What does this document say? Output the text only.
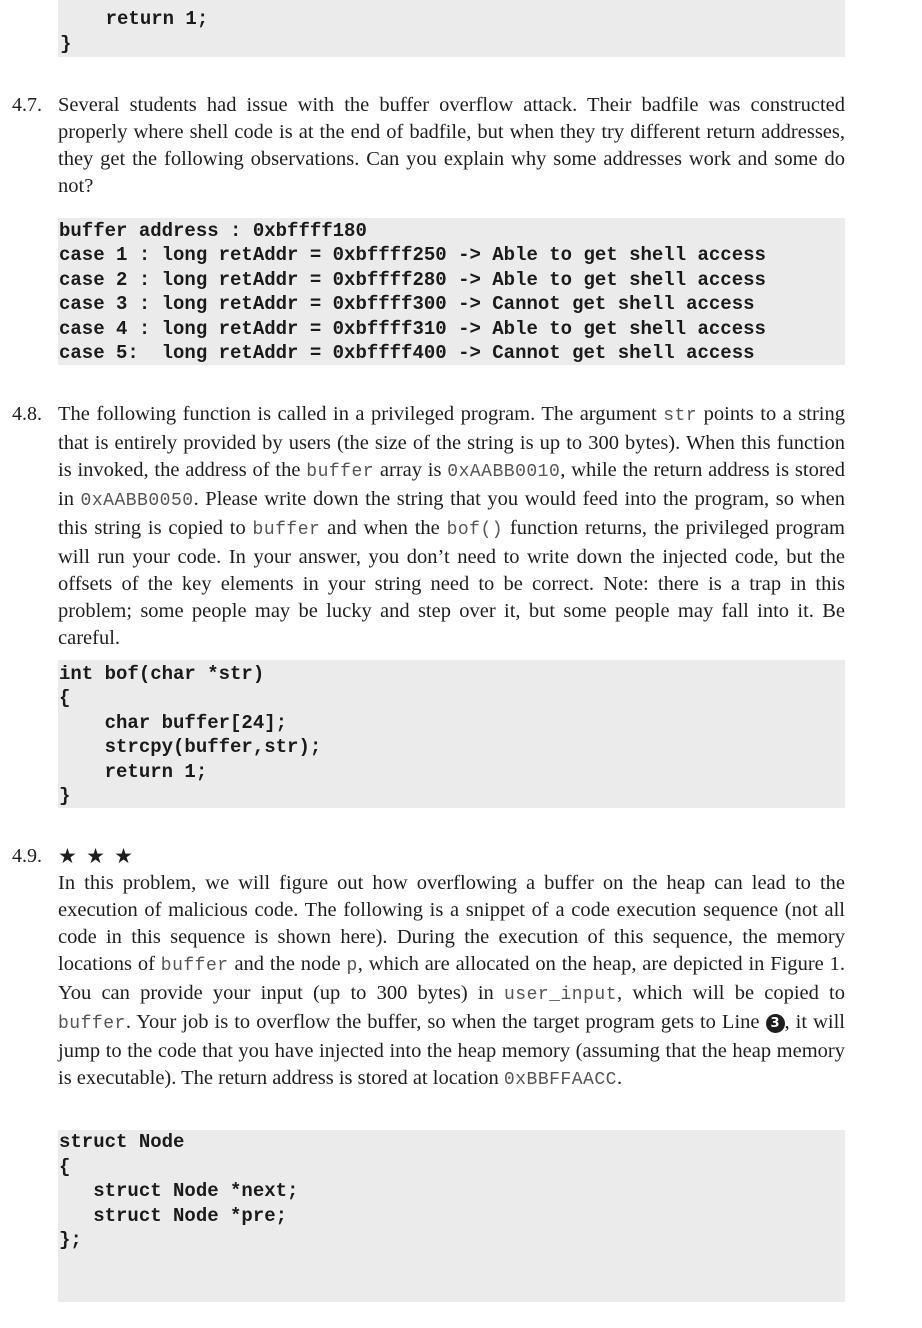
return 1;
}
4.7. Several students had issue with the buffer overflow attack. Their badfile was constructed properly where shell code is at the end of badfile, but when they try different return addresses, they get the following observations. Can you explain why some addresses work and some do not?

buffer address : 0xbffff180
case 1 : long retAddr = 0xbffff250 -> Able to get shell access
case 2 : long retAddr = 0xbffff280 -> Able to get shell access
case 3 : long retAddr = 0xbffff300 -> Cannot get shell access
case 4 : long retAddr = 0xbffff310 -> Able to get shell access
case 5:  long retAddr = 0xbffff400 -> Cannot get shell access
4.8. The following function is called in a privileged program. The argument str points to a string that is entirely provided by users (the size of the string is up to 300 bytes). When this function is invoked, the address of the buffer array is 0xAABB0010, while the return address is stored in 0xAABB0050. Please write down the string that you would feed into the program, so when this string is copied to buffer and when the bof() function returns, the privileged program will run your code. In your answer, you don’t need to write down the injected code, but the offsets of the key elements in your string need to be correct. Note: there is a trap in this problem; some people may be lucky and step over it, but some people may fall into it. Be careful.

int bof(char *str)
{
char buffer[24];
strcpy(buffer,str);
return 1;
}
4.9. ★ ★ ★

In this problem, we will figure out how overflowing a buffer on the heap can lead to the execution of malicious code. The following is a snippet of a code execution sequence (not all code in this sequence is shown here). During the execution of this sequence, the memory locations of buffer and the node p, which are allocated on the heap, are depicted in Figure 1. You can provide your input (up to 300 bytes) in user_input, which will be copied to buffer. Your job is to overflow the buffer, so when the target program gets to Line 3 , it will jump to the code that you have injected into the heap memory (assuming that the heap memory is executable). The return address is stored at location 0xBBFFAACC.

struct Node
{
struct Node *next;
struct Node *pre;
};
